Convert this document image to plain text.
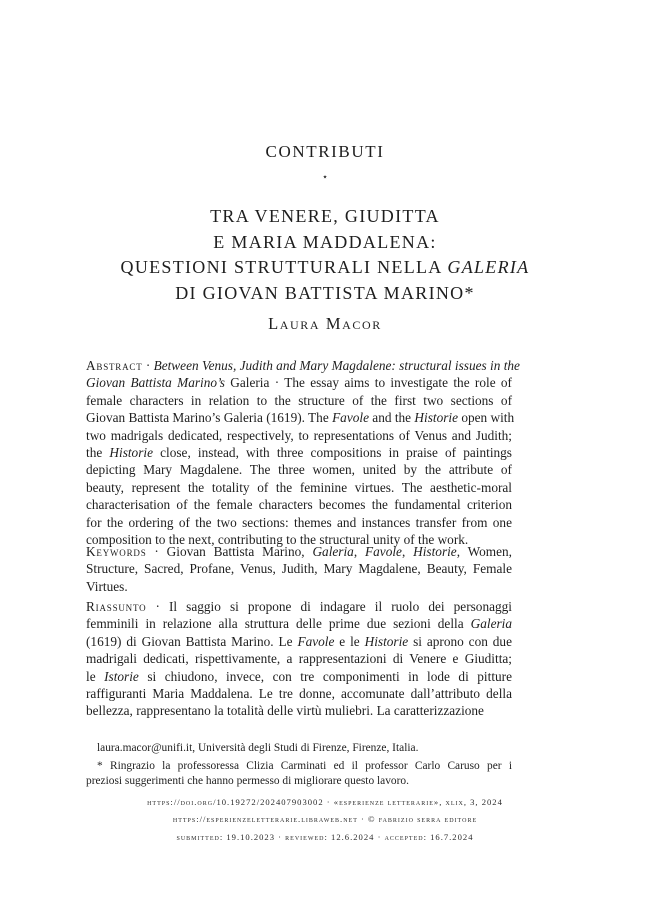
CONTRIBUTI
⋆
TRA VENERE, GIUDITTA
E MARIA MADDALENA:
QUESTIONI STRUTTURALI NELLA GALERIA
DI GIOVAN BATTISTA MARINO*
Laura Macor
Abstract · Between Venus, Judith and Mary Magdalene: structural issues in the
Giovan Battista Marino’s Galeria · The essay aims to investigate the role of
female characters in relation to the structure of the first two sections of
Giovan Battista Marino’s Galeria (1619). The Favole and the Historie open with
two madrigals dedicated, respectively, to representations of Venus and Judith;
the Historie close, instead, with three compositions in praise of paintings
depicting Mary Magdalene. The three women, united by the attribute of
beauty, represent the totality of the feminine virtues. The aesthetic-moral
characterisation of the female characters becomes the fundamental criterion
for the ordering of the two sections: themes and instances transfer from one
composition to the next, contributing to the structural unity of the work.
Keywords · Giovan Battista Marino, Galeria, Favole, Historie, Women,
Structure, Sacred, Profane, Venus, Judith, Mary Magdalene, Beauty, Female
Virtues.
Riassunto · Il saggio si propone di indagare il ruolo dei personaggi
femminili in relazione alla struttura delle prime due sezioni della Galeria
(1619) di Giovan Battista Marino. Le Favole e le Historie si aprono con due
madrigali dedicati, rispettivamente, a rappresentazioni di Venere e Giuditta;
le Istorie si chiudono, invece, con tre componimenti in lode di pitture
raffiguranti Maria Maddalena. Le tre donne, accomunate dall’attributo della
bellezza, rappresentano la totalità delle virtù muliebri. La caratterizzazione
laura.macor@unifi.it, Università degli Studi di Firenze, Firenze, Italia.
* Ringrazio la professoressa Clizia Carminati ed il professor Carlo Caruso per i
preziosi suggerimenti che hanno permesso di migliorare questo lavoro.
https://doi.org/10.19272/202407903002 · «esperienze letterarie», xlix, 3, 2024
https://esperienzeletterarie.libraweb.net · © fabrizio serra editore
submitted: 19.10.2023 · reviewed: 12.6.2024 · accepted: 16.7.2024
